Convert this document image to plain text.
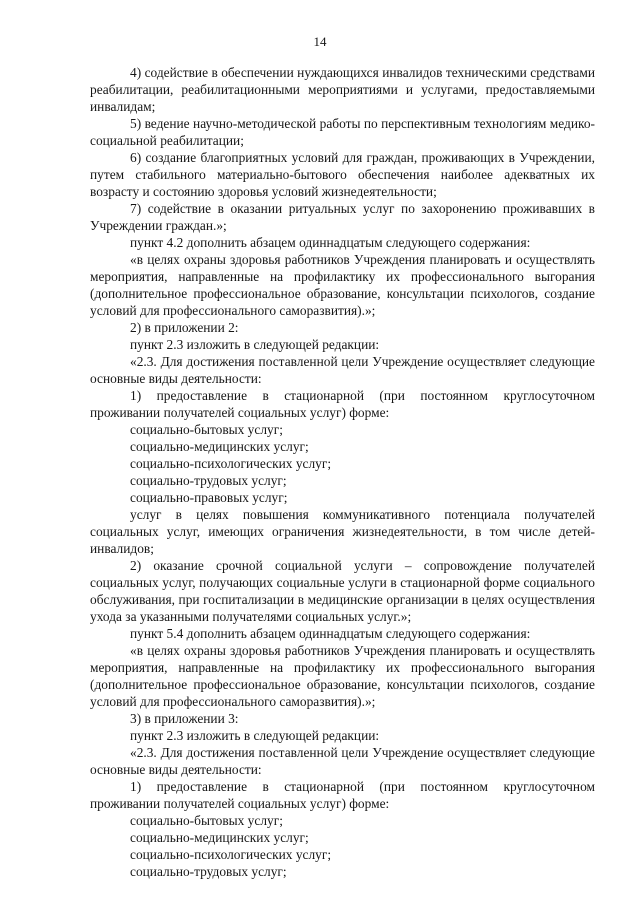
14

4) содействие в обеспечении нуждающихся инвалидов техническими средствами реабилитации, реабилитационными мероприятиями и услугами, предоставляемыми инвалидам;

5) ведение научно-методической работы по перспективным технологиям медико-социальной реабилитации;

6) создание благоприятных условий для граждан, проживающих в Учреждении, путем стабильного материально-бытового обеспечения наиболее адекватных их возрасту и состоянию здоровья условий жизнедеятельности;

7) содействие в оказании ритуальных услуг по захоронению проживавших в Учреждении граждан.»;

пункт 4.2 дополнить абзацем одиннадцатым следующего содержания:

«в целях охраны здоровья работников Учреждения планировать и осуществлять мероприятия, направленные на профилактику их профессионального выгорания (дополнительное профессиональное образование, консультации психологов, создание условий для профессионального саморазвития).»;

2) в приложении 2:

пункт 2.3 изложить в следующей редакции:

«2.3. Для достижения поставленной цели Учреждение осуществляет следующие основные виды деятельности:

1) предоставление в стационарной (при постоянном круглосуточном проживании получателей социальных услуг) форме:

социально-бытовых услуг;

социально-медицинских услуг;

социально-психологических услуг;

социально-трудовых услуг;

социально-правовых услуг;

услуг в целях повышения коммуникативного потенциала получателей социальных услуг, имеющих ограничения жизнедеятельности, в том числе детей-инвалидов;

2) оказание срочной социальной услуги – сопровождение получателей социальных услуг, получающих социальные услуги в стационарной форме социального обслуживания, при госпитализации в медицинские организации в целях осуществления ухода за указанными получателями социальных услуг.»;

пункт 5.4 дополнить абзацем одиннадцатым следующего содержания:

«в целях охраны здоровья работников Учреждения планировать и осуществлять мероприятия, направленные на профилактику их профессионального выгорания (дополнительное профессиональное образование, консультации психологов, создание условий для профессионального саморазвития).»;

3) в приложении 3:

пункт 2.3 изложить в следующей редакции:

«2.3. Для достижения поставленной цели Учреждение осуществляет следующие основные виды деятельности:

1) предоставление в стационарной (при постоянном круглосуточном проживании получателей социальных услуг) форме:

социально-бытовых услуг;

социально-медицинских услуг;

социально-психологических услуг;

социально-трудовых услуг;
